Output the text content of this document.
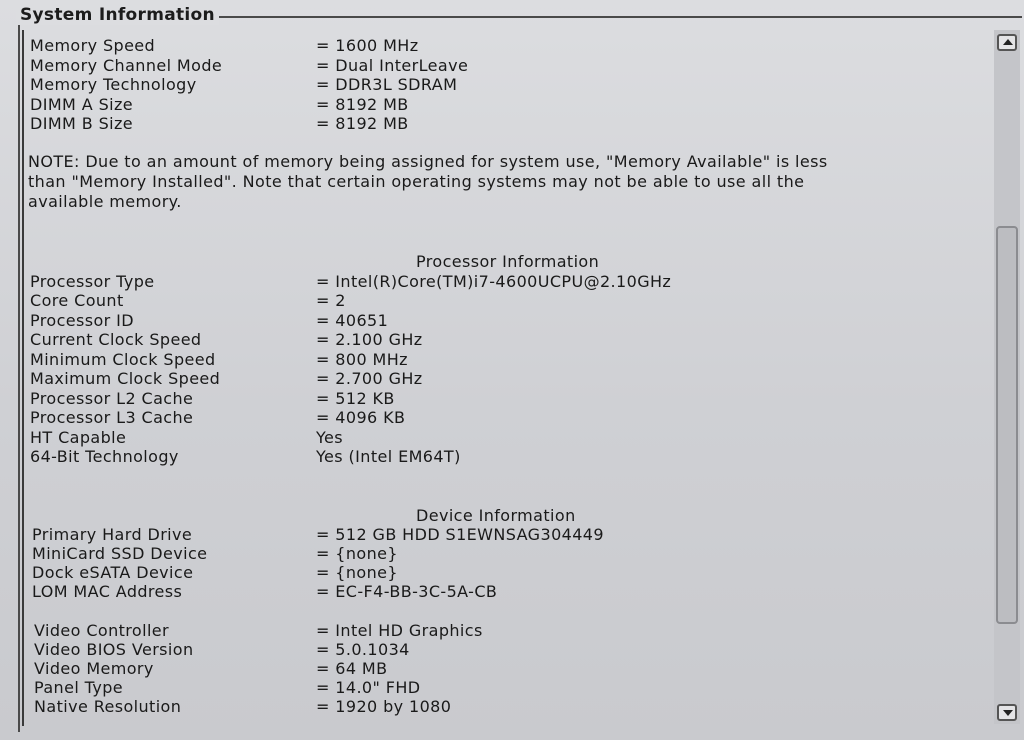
System Information
Memory Speed	= 1600 MHz
Memory Channel Mode	= Dual InterLeave
Memory Technology	= DDR3L SDRAM
DIMM A Size	= 8192 MB
DIMM B Size	= 8192 MB
NOTE: Due to an amount of memory being assigned for system use, "Memory Available" is less
than "Memory Installed". Note that certain operating systems may not be able to use all the
available memory.
Processor Information
Processor Type	= Intel(R)Core(TM)i7-4600UCPU@2.10GHz
Core Count	= 2
Processor ID	= 40651
Current Clock Speed	= 2.100 GHz
Minimum Clock Speed	= 800 MHz
Maximum Clock Speed	= 2.700 GHz
Processor L2 Cache	= 512 KB
Processor L3 Cache	= 4096 KB
HT Capable	Yes
64-Bit Technology	Yes (Intel EM64T)
Device Information
Primary Hard Drive	= 512 GB HDD S1EWNSAG304449
MiniCard SSD Device	= {none}
Dock eSATA Device	= {none}
LOM MAC Address	= EC-F4-BB-3C-5A-CB
Video Controller	= Intel HD Graphics
Video BIOS Version	= 5.0.1034
Video Memory	= 64 MB
Panel Type	= 14.0" FHD
Native Resolution	= 1920 by 1080
